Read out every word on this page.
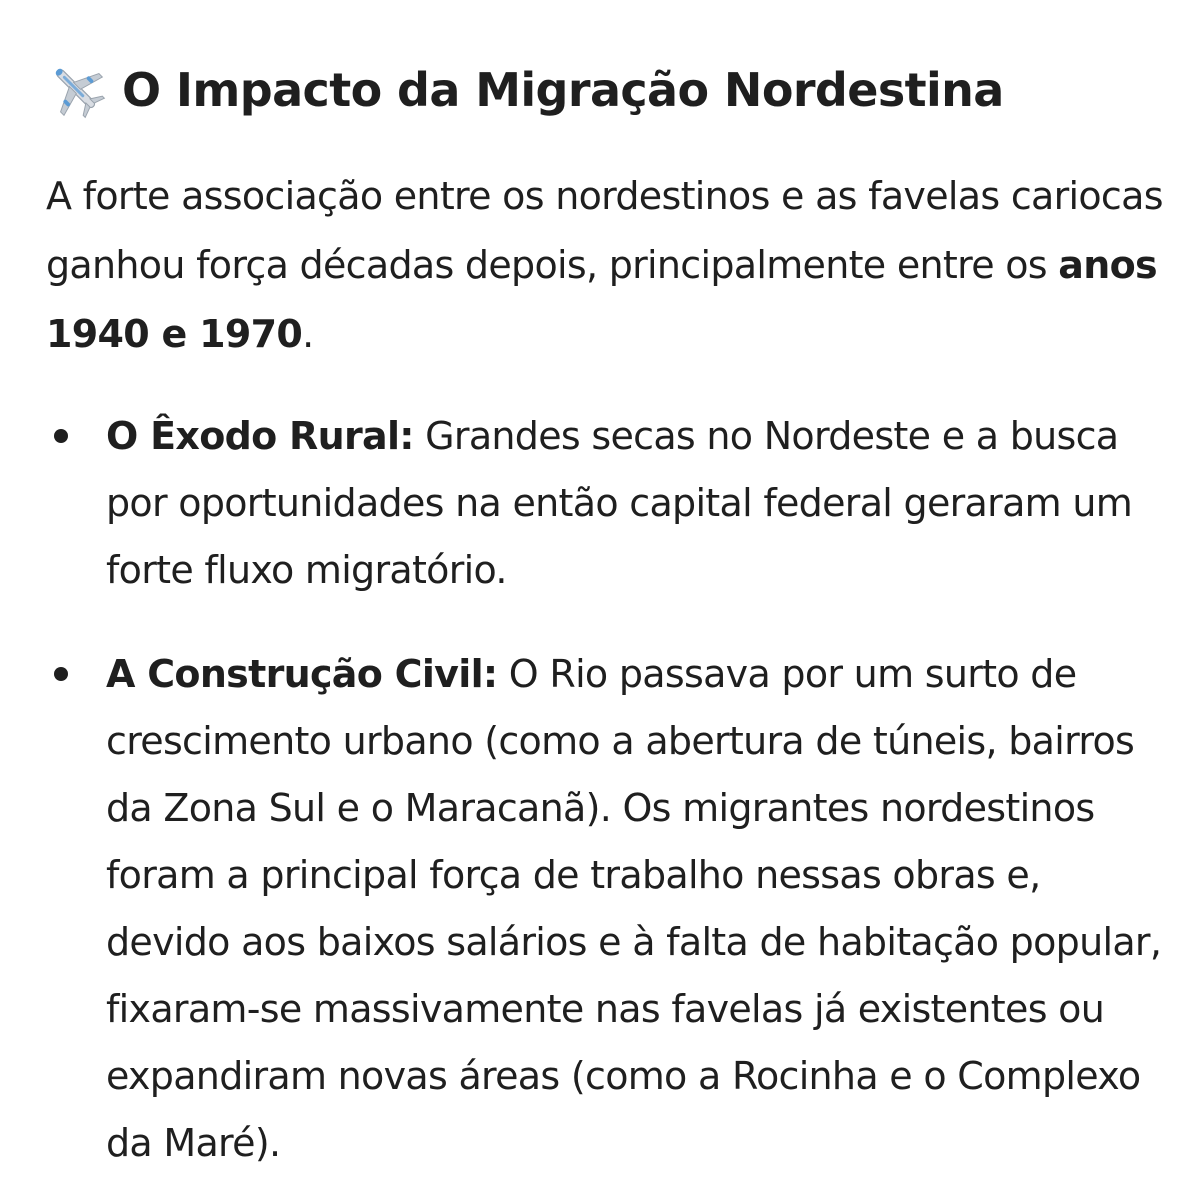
O Impacto da Migração Nordestina

A forte associação entre os nordestinos e as favelas cariocas ganhou força décadas depois, principalmente entre os anos 1940 e 1970.

O Êxodo Rural: Grandes secas no Nordeste e a busca por oportunidades na então capital federal geraram um forte fluxo migratório.
A Construção Civil: O Rio passava por um surto de crescimento urbano (como a abertura de túneis, bairros da Zona Sul e o Maracanã). Os migrantes nordestinos foram a principal força de trabalho nessas obras e, devido aos baixos salários e à falta de habitação popular, fixaram-se massivamente nas favelas já existentes ou expandiram novas áreas (como a Rocinha e o Complexo da Maré).
